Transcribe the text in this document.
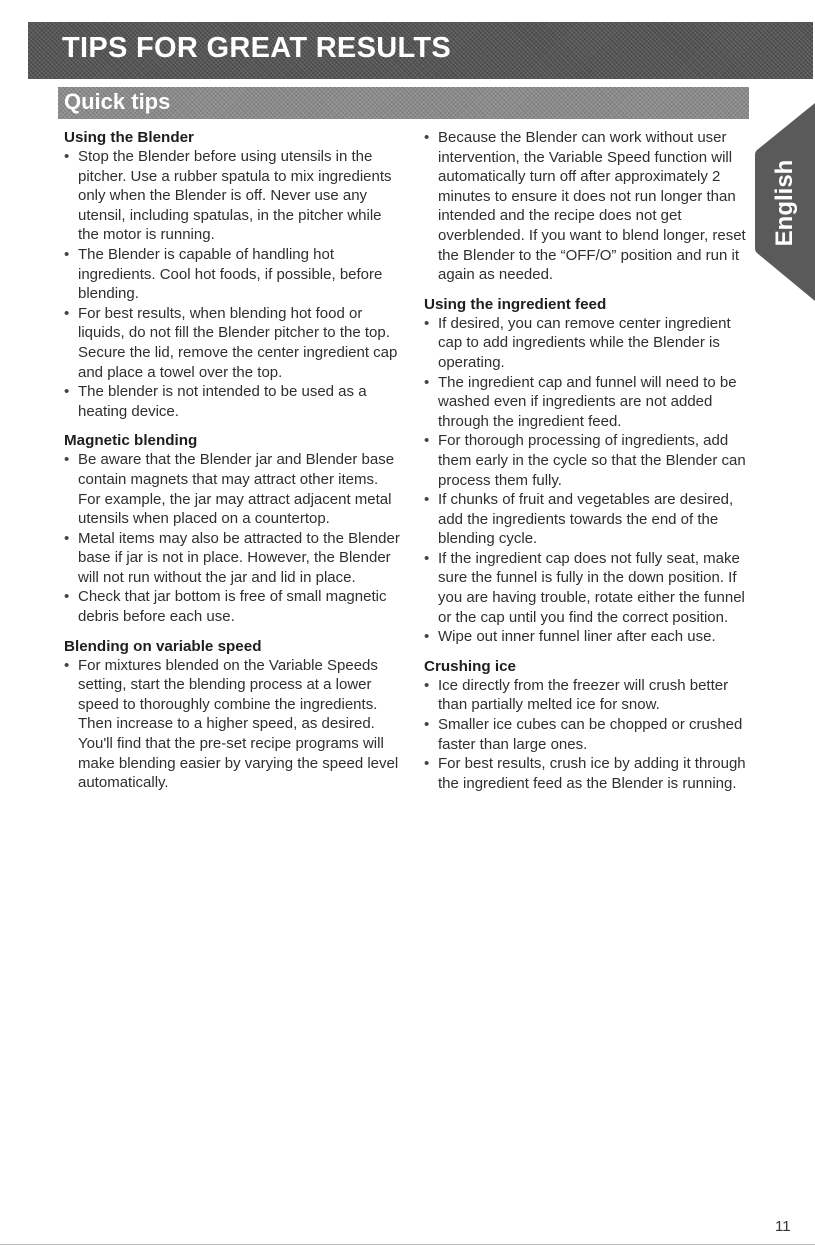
TIPS FOR GREAT RESULTS
Quick tips
English
Using the Blender
• Stop the Blender before using utensils in the pitcher. Use a rubber spatula to mix ingredients only when the Blender is off. Never use any utensil, including spatulas, in the pitcher while the motor is running.
• The Blender is capable of handling hot ingredients. Cool hot foods, if possible, before blending.
• For best results, when blending hot food or liquids, do not fill the Blender pitcher to the top. Secure the lid, remove the center ingredient cap and place a towel over the top.
• The blender is not intended to be used as a heating device.
Magnetic blending
• Be aware that the Blender jar and Blender base contain magnets that may attract other items. For example, the jar may attract adjacent metal utensils when placed on a countertop.
• Metal items may also be attracted to the Blender base if jar is not in place. However, the Blender will not run without the jar and lid in place.
• Check that jar bottom is free of small magnetic debris before each use.
Blending on variable speed
• For mixtures blended on the Variable Speeds setting, start the blending process at a lower speed to thoroughly combine the ingredients. Then increase to a higher speed, as desired. You'll find that the pre-set recipe programs will make blending easier by varying the speed level automatically.
• Because the Blender can work without user intervention, the Variable Speed function will automatically turn off after approximately 2 minutes to ensure it does not run longer than intended and the recipe does not get overblended. If you want to blend longer, reset the Blender to the “OFF/O” position and run it again as needed.
Using the ingredient feed
• If desired, you can remove center ingredient cap to add ingredients while the Blender is operating.
• The ingredient cap and funnel will need to be washed even if ingredients are not added through the ingredient feed.
• For thorough processing of ingredients, add them early in the cycle so that the Blender can process them fully.
• If chunks of fruit and vegetables are desired, add the ingredients towards the end of the blending cycle.
• If the ingredient cap does not fully seat, make sure the funnel is fully in the down position. If you are having trouble, rotate either the funnel or the cap until you find the correct position.
• Wipe out inner funnel liner after each use.
Crushing ice
• Ice directly from the freezer will crush better than partially melted ice for snow.
• Smaller ice cubes can be chopped or crushed faster than large ones.
• For best results, crush ice by adding it through the ingredient feed as the Blender is running.
11
